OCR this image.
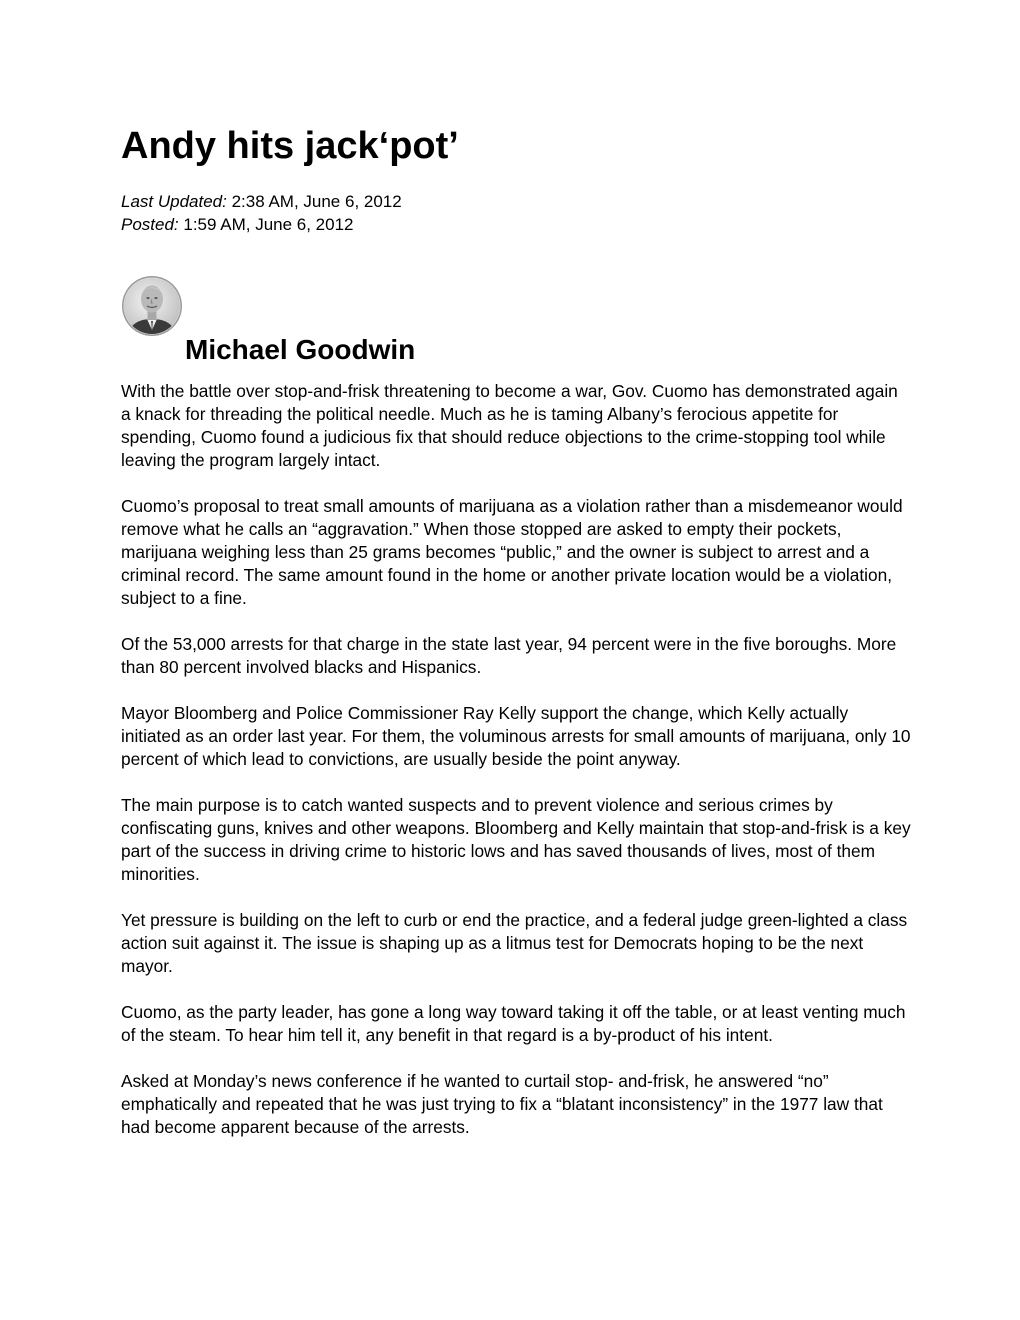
Andy hits jack‘pot’
Last Updated: 2:38 AM, June 6, 2012
Posted: 1:59 AM, June 6, 2012
Michael Goodwin

With the battle over stop-and-frisk threatening to become a war, Gov. Cuomo has demonstrated again a knack for threading the political needle. Much as he is taming Albany’s ferocious appetite for spending, Cuomo found a judicious fix that should reduce objections to the crime-stopping tool while leaving the program largely intact.

Cuomo’s proposal to treat small amounts of marijuana as a violation rather than a misdemeanor would remove what he calls an “aggravation.” When those stopped are asked to empty their pockets, marijuana weighing less than 25 grams becomes “public,” and the owner is subject to arrest and a criminal record. The same amount found in the home or another private location would be a violation, subject to a fine.

Of the 53,000 arrests for that charge in the state last year, 94 percent were in the five boroughs. More than 80 percent involved blacks and Hispanics.

Mayor Bloomberg and Police Commissioner Ray Kelly support the change, which Kelly actually initiated as an order last year. For them, the voluminous arrests for small amounts of marijuana, only 10 percent of which lead to convictions, are usually beside the point anyway.

The main purpose is to catch wanted suspects and to prevent violence and serious crimes by confiscating guns, knives and other weapons. Bloomberg and Kelly maintain that stop-and-frisk is a key part of the success in driving crime to historic lows and has saved thousands of lives, most of them minorities.

Yet pressure is building on the left to curb or end the practice, and a federal judge green-lighted a class action suit against it. The issue is shaping up as a litmus test for Democrats hoping to be the next mayor.

Cuomo, as the party leader, has gone a long way toward taking it off the table, or at least venting much of the steam. To hear him tell it, any benefit in that regard is a by-product of his intent.

Asked at Monday’s news conference if he wanted to curtail stop- and-frisk, he answered “no” emphatically and repeated that he was just trying to fix a “blatant inconsistency” in the 1977 law that had become apparent because of the arrests.
